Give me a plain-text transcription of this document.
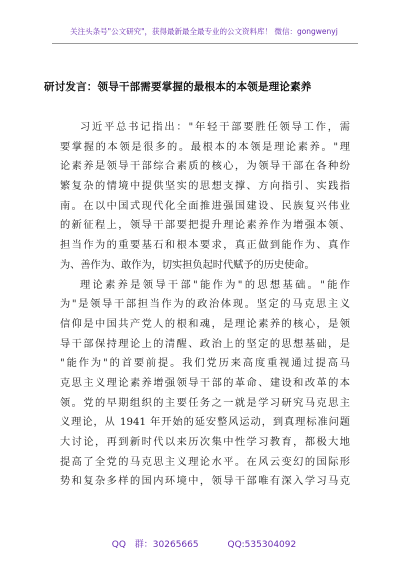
关注头条号"公文研究"，获得最新最全最专业的公文资料库！ 微信：gongwenyj
研讨发言：领导干部需要掌握的最根本的本领是理论素养
习近平总书记指出："年轻干部要胜任领导工作，需
要掌握的本领是很多的。最根本的本领是理论素养。"理
论素养是领导干部综合素质的核心，为领导干部在各种纷
繁复杂的情境中提供坚实的思想支撑、方向指引、实践指
南。在以中国式现代化全面推进强国建设、民族复兴伟业
的新征程上，领导干部要把提升理论素养作为增强本领、
担当作为的重要基石和根本要求，真正做到能作为、真作
为、善作为、敢作为，切实担负起时代赋予的历史使命。
理论素养是领导干部"能作为"的思想基础。"能作
为"是领导干部担当作为的政治体现。坚定的马克思主义
信仰是中国共产党人的根和魂，是理论素养的核心，是领
导干部保持理论上的清醒、政治上的坚定的思想基础，是
"能作为"的首要前提。我们党历来高度重视通过提高马
克思主义理论素养增强领导干部的革命、建设和改革的本
领。党的早期组织的主要任务之一就是学习研究马克思主
义理论，从 1941 年开始的延安整风运动，到真理标准问题
大讨论，再到新时代以来历次集中性学习教育，都极大地
提高了全党的马克思主义理论水平。在风云变幻的国际形
势和复杂多样的国内环境中，领导干部唯有深入学习马克
QQ 群：30265665	QQ:535304092
